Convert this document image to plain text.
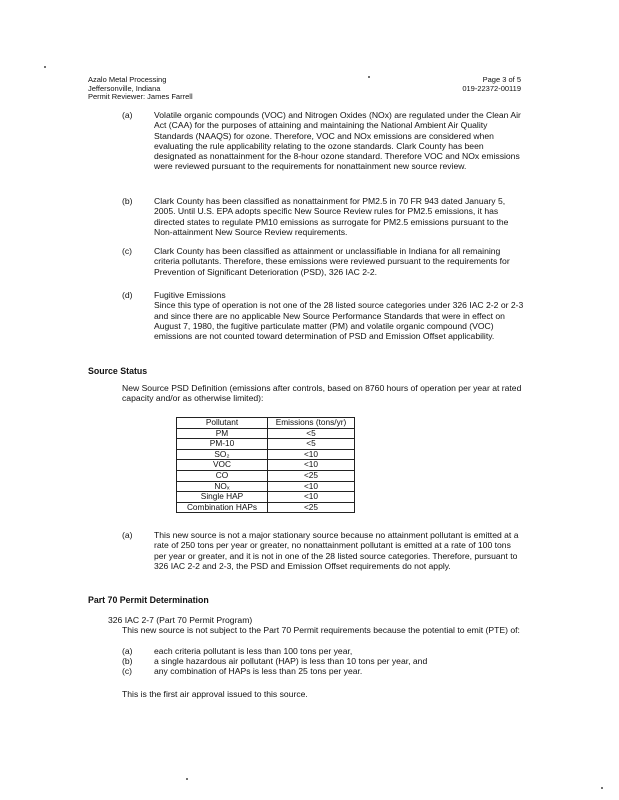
Azalo Metal Processing
Jeffersonville, Indiana
Permit Reviewer: James Farrell
Page 3 of 5
019-22372-00119
(a) Volatile organic compounds (VOC) and Nitrogen Oxides (NOx) are regulated under the Clean Air Act (CAA) for the purposes of attaining and maintaining the National Ambient Air Quality Standards (NAAQS) for ozone. Therefore, VOC and NOx emissions are considered when evaluating the rule applicability relating to the ozone standards. Clark County has been designated as nonattainment for the 8-hour ozone standard. Therefore VOC and NOx emissions were reviewed pursuant to the requirements for nonattainment new source review.
(b) Clark County has been classified as nonattainment for PM2.5 in 70 FR 943 dated January 5, 2005. Until U.S. EPA adopts specific New Source Review rules for PM2.5 emissions, it has directed states to regulate PM10 emissions as surrogate for PM2.5 emissions pursuant to the Non-attainment New Source Review requirements.
(c)	Clark County has been classified as attainment or unclassifiable in Indiana for all remaining criteria pollutants. Therefore, these emissions were reviewed pursuant to the requirements for Prevention of Significant Deterioration (PSD), 326 IAC 2-2.
(d) Fugitive Emissions
Since this type of operation is not one of the 28 listed source categories under 326 IAC 2-2 or 2-3 and since there are no applicable New Source Performance Standards that were in effect on August 7, 1980, the fugitive particulate matter (PM) and volatile organic compound (VOC) emissions are not counted toward determination of PSD and Emission Offset applicability.
Source Status
New Source PSD Definition (emissions after controls, based on 8760 hours of operation per year at rated capacity and/or as otherwise limited):
Pollutant	Emissions (tons/yr)
PM	<5
PM-10	<5
SO₂	<10
VOC	<10
CO	<25
NOₓ	<10
Single HAP	<10
Combination HAPs	<25
(a) This new source is not a major stationary source because no attainment pollutant is emitted at a rate of 250 tons per year or greater, no nonattainment pollutant is emitted at a rate of 100 tons per year or greater, and it is not in one of the 28 listed source categories. Therefore, pursuant to 326 IAC 2-2 and 2-3, the PSD and Emission Offset requirements do not apply.
Part 70 Permit Determination
326 IAC 2-7 (Part 70 Permit Program)
This new source is not subject to the Part 70 Permit requirements because the potential to emit (PTE) of:
(a) each criteria pollutant is less than 100 tons per year,
(b) a single hazardous air pollutant (HAP) is less than 10 tons per year, and
(c)	any combination of HAPs is less than 25 tons per year.
This is the first air approval issued to this source.
